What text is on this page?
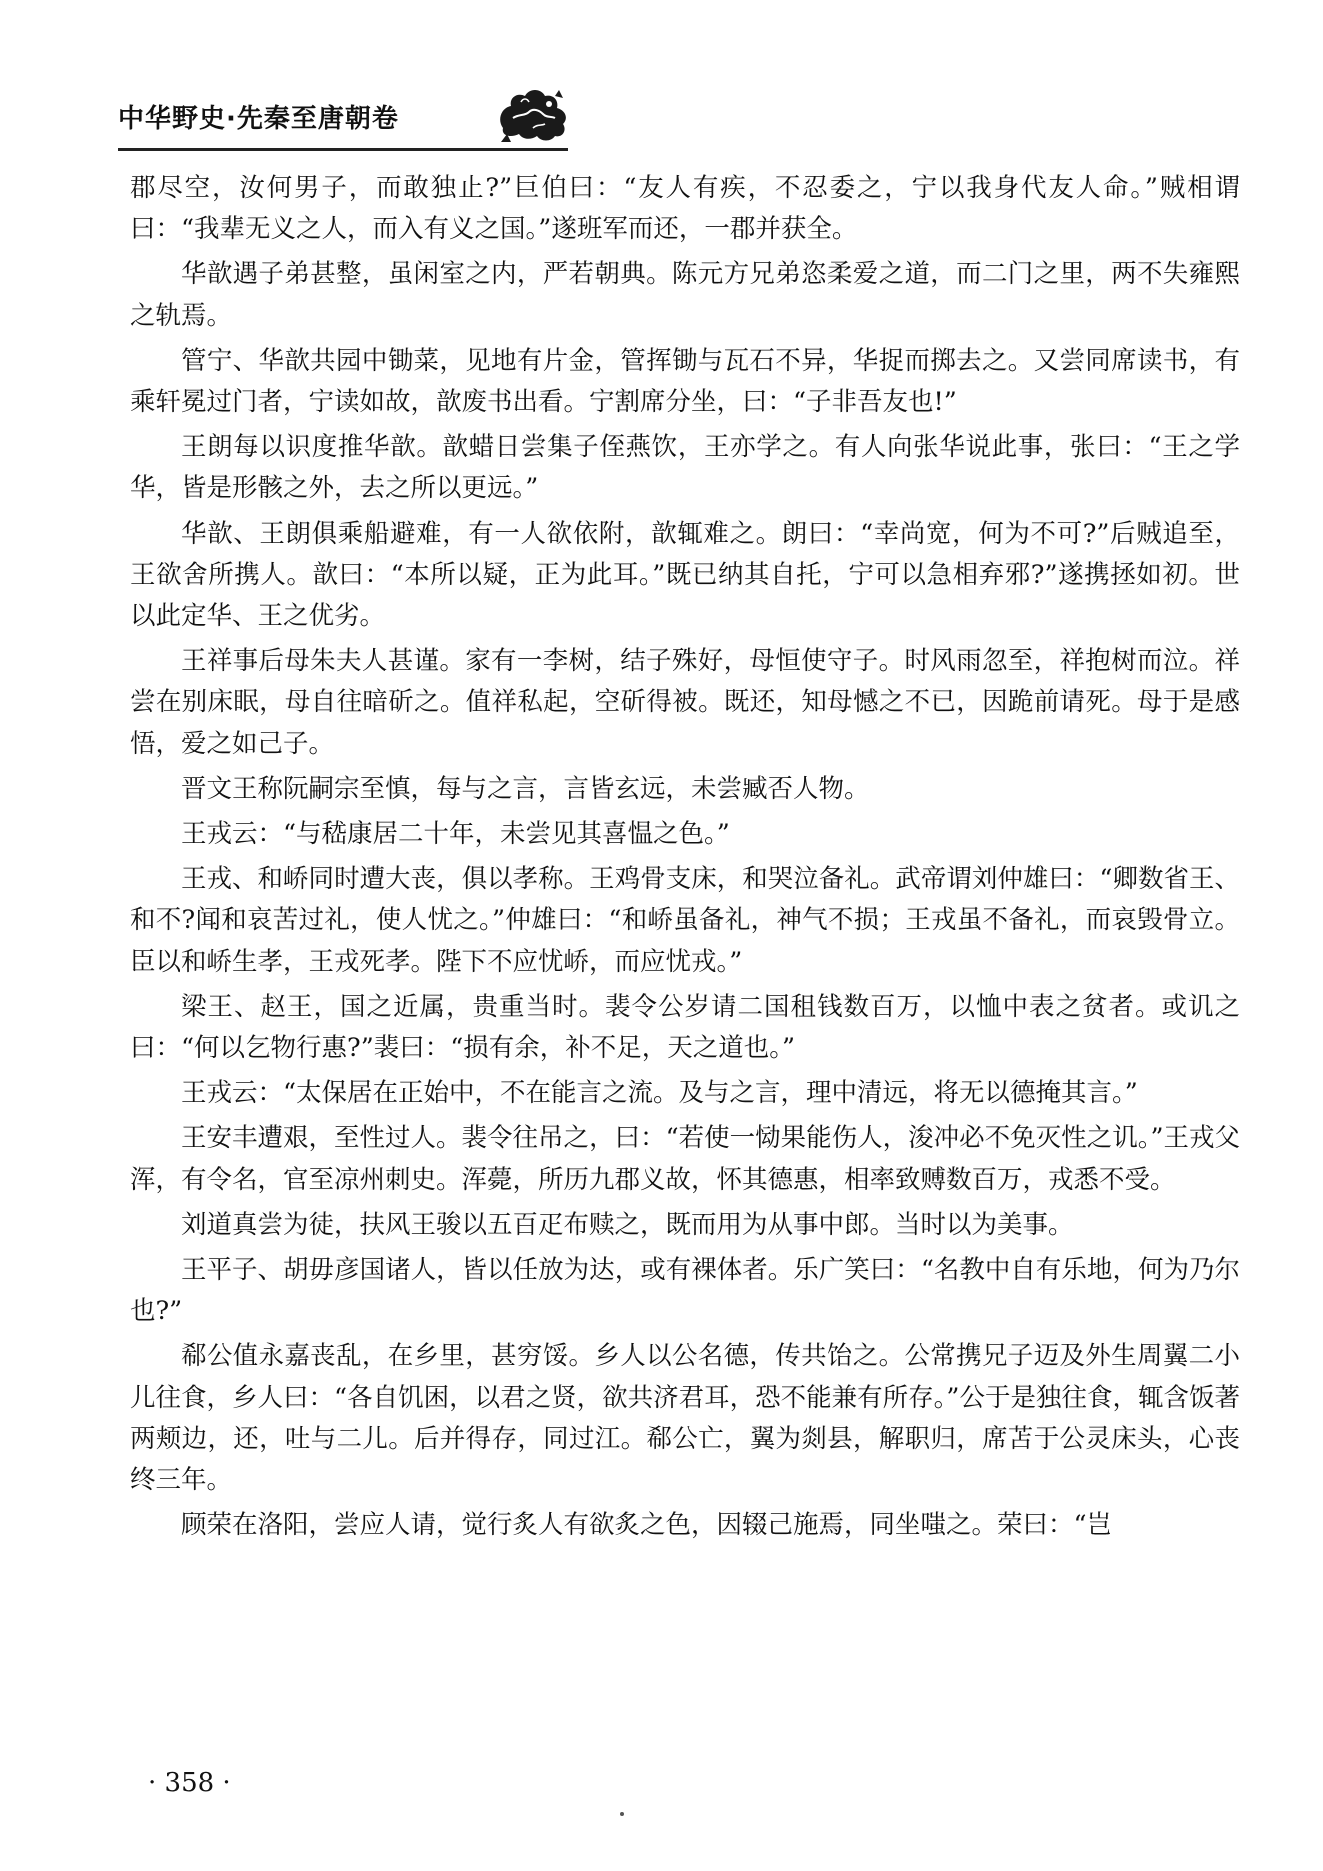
中华野史·先秦至唐朝卷

郡尽空，汝何男子，而敢独止?”巨伯曰：“友人有疾，不忍委之，宁以我身代友人命。”贼相谓曰：“我辈无义之人，而入有义之国。”遂班军而还，一郡并获全。

华歆遇子弟甚整，虽闲室之内，严若朝典。陈元方兄弟恣柔爱之道，而二门之里，两不失雍熙之轨焉。

管宁、华歆共园中锄菜，见地有片金，管挥锄与瓦石不异，华捉而掷去之。又尝同席读书，有乘轩冕过门者，宁读如故，歆废书出看。宁割席分坐，曰：“子非吾友也!”

王朗每以识度推华歆。歆蜡日尝集子侄燕饮，王亦学之。有人向张华说此事，张曰：“王之学华，皆是形骸之外，去之所以更远。”

华歆、王朗俱乘船避难，有一人欲依附，歆辄难之。朗曰：“幸尚宽，何为不可?”后贼追至，王欲舍所携人。歆曰：“本所以疑，正为此耳。”既已纳其自托，宁可以急相弃邪?”遂携拯如初。世以此定华、王之优劣。

王祥事后母朱夫人甚谨。家有一李树，结子殊好，母恒使守子。时风雨忽至，祥抱树而泣。祥尝在别床眠，母自往暗斫之。值祥私起，空斫得被。既还，知母憾之不已，因跪前请死。母于是感悟，爱之如己子。

晋文王称阮嗣宗至慎，每与之言，言皆玄远，未尝臧否人物。

王戎云：“与嵇康居二十年，未尝见其喜愠之色。”

王戎、和峤同时遭大丧，俱以孝称。王鸡骨支床，和哭泣备礼。武帝谓刘仲雄曰：“卿数省王、和不?闻和哀苦过礼，使人忧之。”仲雄曰：“和峤虽备礼，神气不损；王戎虽不备礼，而哀毁骨立。臣以和峤生孝，王戎死孝。陛下不应忧峤，而应忧戎。”

梁王、赵王，国之近属，贵重当时。裴令公岁请二国租钱数百万，以恤中表之贫者。或讥之曰：“何以乞物行惠?”裴曰：“损有余，补不足，天之道也。”

王戎云：“太保居在正始中，不在能言之流。及与之言，理中清远，将无以德掩其言。”

王安丰遭艰，至性过人。裴令往吊之，曰：“若使一恸果能伤人，浚冲必不免灭性之讥。”王戎父浑，有令名，官至凉州刺史。浑薨，所历九郡义故，怀其德惠，相率致赙数百万，戎悉不受。

刘道真尝为徒，扶风王骏以五百疋布赎之，既而用为从事中郎。当时以为美事。

王平子、胡毋彦国诸人，皆以任放为达，或有裸体者。乐广笑曰：“名教中自有乐地，何为乃尔也?”

郗公值永嘉丧乱，在乡里，甚穷馁。乡人以公名德，传共饴之。公常携兄子迈及外生周翼二小儿往食，乡人曰：“各自饥困，以君之贤，欲共济君耳，恐不能兼有所存。”公于是独往食，辄含饭著两颊边，还，吐与二儿。后并得存，同过江。郗公亡，翼为剡县，解职归，席苫于公灵床头，心丧终三年。

顾荣在洛阳，尝应人请，觉行炙人有欲炙之色，因辍己施焉，同坐嗤之。荣曰：“岂

· 358 ·
